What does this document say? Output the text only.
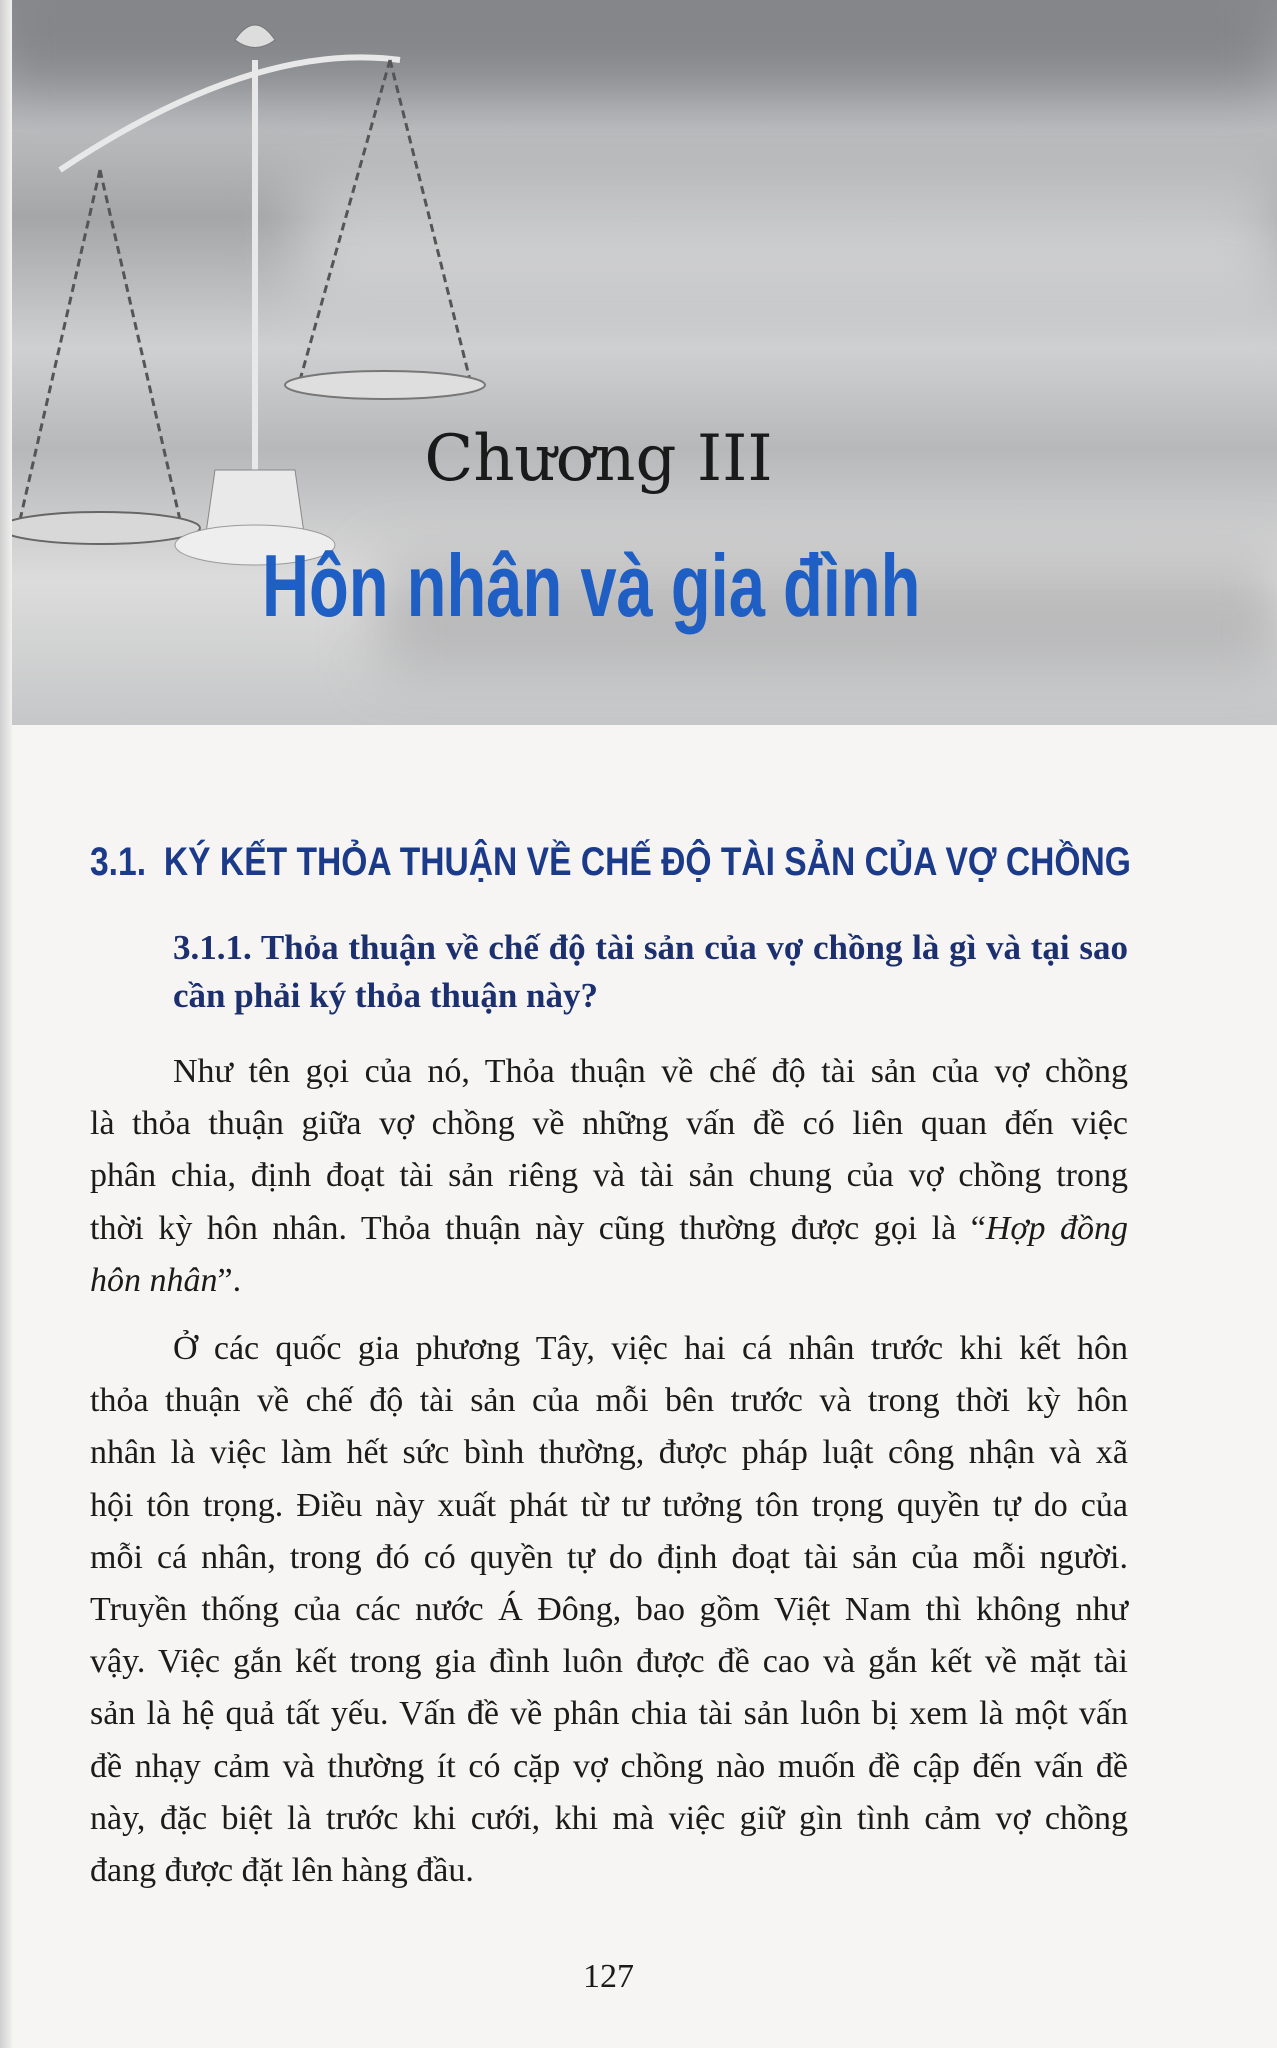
Chương III
Hôn nhân và gia đình
3.1. KÝ KẾT THỎA THUẬN VỀ CHẾ ĐỘ TÀI SẢN CỦA VỢ CHỒNG
3.1.1. Thỏa thuận về chế độ tài sản của vợ chồng là gì và tại sao
cần phải ký thỏa thuận này?
Như tên gọi của nó, Thỏa thuận về chế độ tài sản của vợ chồng
là thỏa thuận giữa vợ chồng về những vấn đề có liên quan đến việc
phân chia, định đoạt tài sản riêng và tài sản chung của vợ chồng trong
thời kỳ hôn nhân. Thỏa thuận này cũng thường được gọi là “Hợp đồng
hôn nhân”.
Ở các quốc gia phương Tây, việc hai cá nhân trước khi kết hôn
thỏa thuận về chế độ tài sản của mỗi bên trước và trong thời kỳ hôn
nhân là việc làm hết sức bình thường, được pháp luật công nhận và xã
hội tôn trọng. Điều này xuất phát từ tư tưởng tôn trọng quyền tự do của
mỗi cá nhân, trong đó có quyền tự do định đoạt tài sản của mỗi người.
Truyền thống của các nước Á Đông, bao gồm Việt Nam thì không như
vậy. Việc gắn kết trong gia đình luôn được đề cao và gắn kết về mặt tài
sản là hệ quả tất yếu. Vấn đề về phân chia tài sản luôn bị xem là một vấn
đề nhạy cảm và thường ít có cặp vợ chồng nào muốn đề cập đến vấn đề
này, đặc biệt là trước khi cưới, khi mà việc giữ gìn tình cảm vợ chồng
đang được đặt lên hàng đầu.
127
